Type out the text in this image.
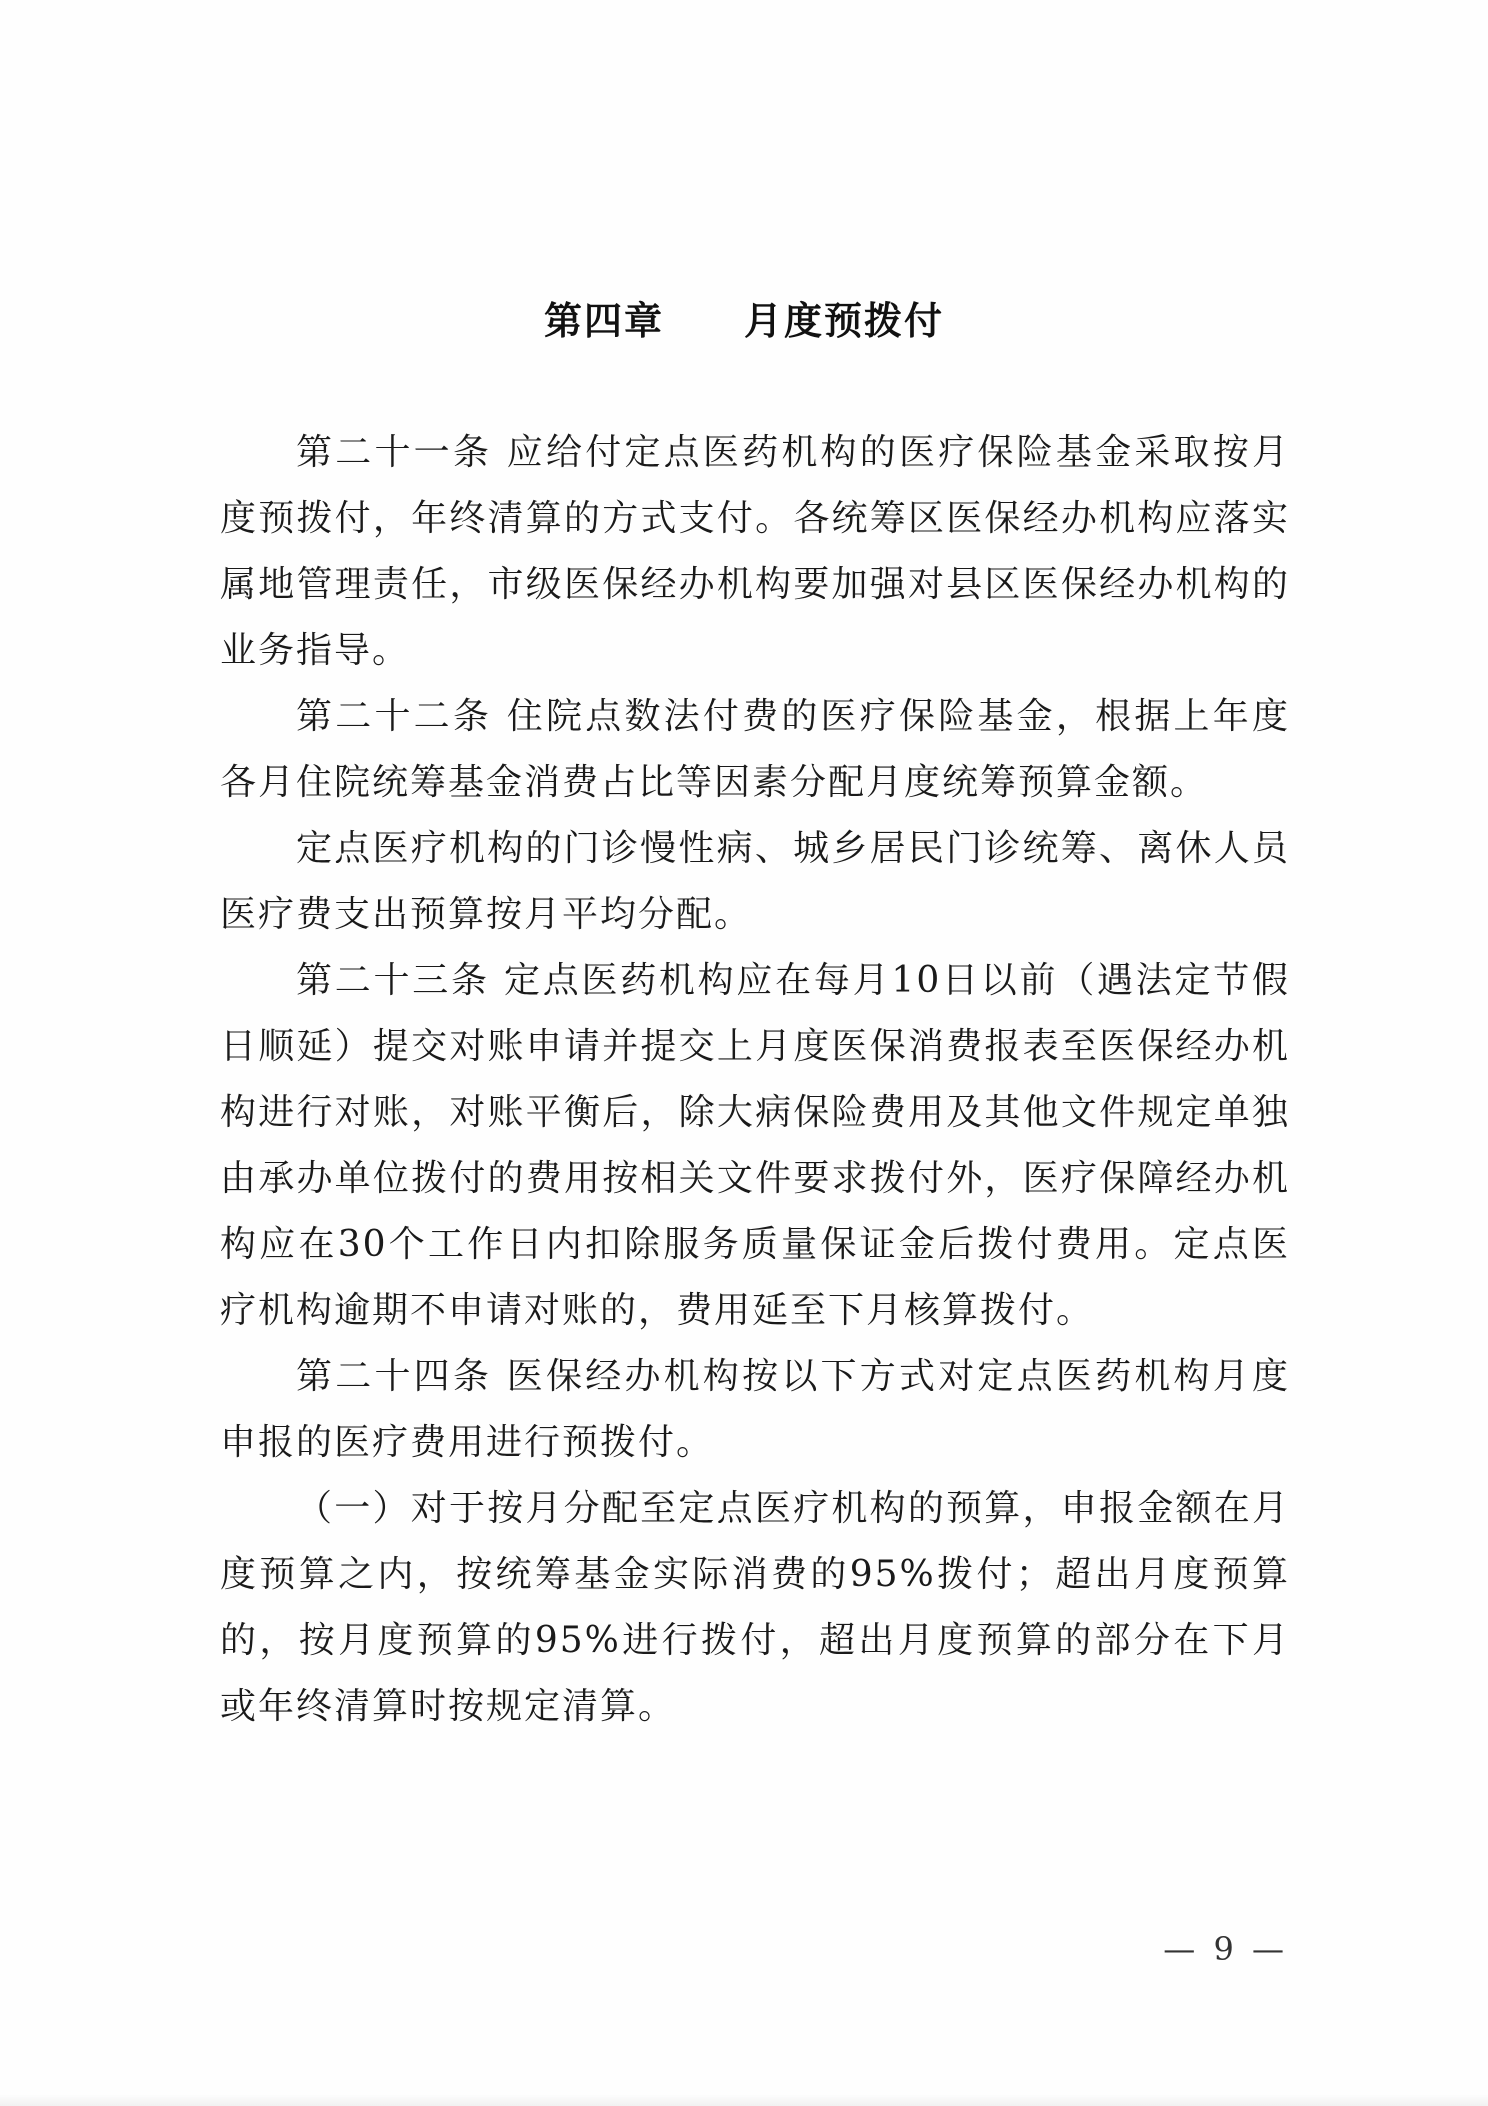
第四章 月度预拨付

第二十一条 应给付定点医药机构的医疗保险基金采取按月度预拨付，年终清算的方式支付。各统筹区医保经办机构应落实属地管理责任，市级医保经办机构要加强对县区医保经办机构的业务指导。

第二十二条 住院点数法付费的医疗保险基金，根据上年度各月住院统筹基金消费占比等因素分配月度统筹预算金额。

定点医疗机构的门诊慢性病、城乡居民门诊统筹、离休人员医疗费支出预算按月平均分配。

第二十三条 定点医药机构应在每月10日以前（遇法定节假日顺延）提交对账申请并提交上月度医保消费报表至医保经办机构进行对账，对账平衡后，除大病保险费用及其他文件规定单独由承办单位拨付的费用按相关文件要求拨付外，医疗保障经办机构应在30个工作日内扣除服务质量保证金后拨付费用。定点医疗机构逾期不申请对账的，费用延至下月核算拨付。

第二十四条 医保经办机构按以下方式对定点医药机构月度申报的医疗费用进行预拨付。

（一）对于按月分配至定点医疗机构的预算，申报金额在月度预算之内，按统筹基金实际消费的95%拨付；超出月度预算的，按月度预算的95%进行拨付，超出月度预算的部分在下月或年终清算时按规定清算。

— 9 —
